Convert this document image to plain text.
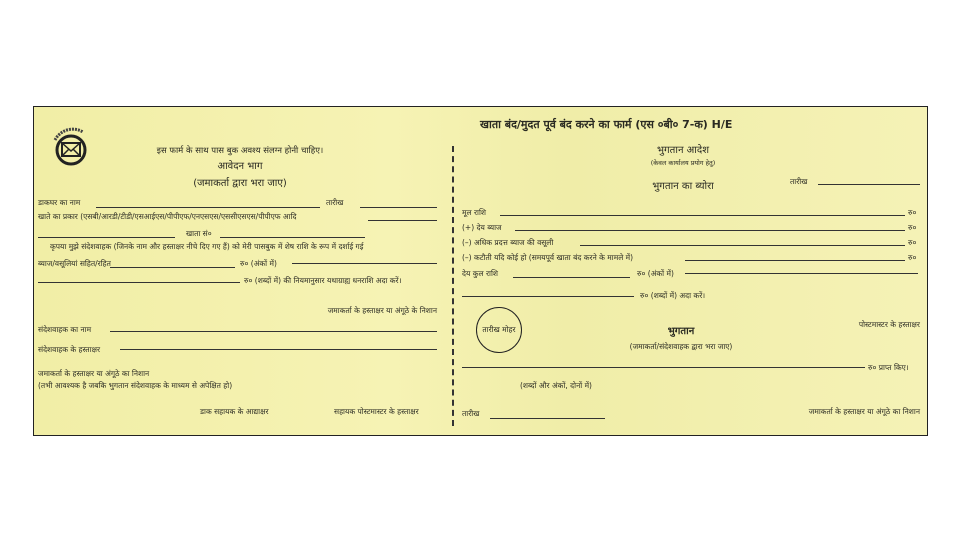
खाता बंद/मुदत पूर्व बंद करने का फार्म (एस ०बी० 7-क) H/E
इस फार्म के साथ पास बुक अवश्य संलग्न होनी चाहिए।
आवेदन भाग
(जमाकर्ता द्वारा भरा जाए)
डाकघर का नाम	तारीख
खाते का प्रकार (एसबी/आरडी/टीडी/एसआईएस/पीपीएफ/एनएसएस/एससीएसएस/पीपीएफ आदि
खाता सं०
कृपया मुझे संदेशवाहक (जिनके नाम और हस्ताक्षर नीचे दिए गए हैं) को मेरी पासबुक में शेष राशि के रूप में दर्शाई गई
ब्याज/वसूलियां सहित/रहित	रु० (अंकों में)
रु० (शब्दों में) की नियमानुसार यथाग्राह्य धनराशि अदा करें।
जमाकर्ता के हस्ताक्षर या अंगूठे के निशान
संदेशवाहक का नाम
संदेशवाहक के हस्ताक्षर
जमाकर्ता के हस्ताक्षर या अंगूठे का निशान
(तभी आवश्यक है जबकि भुगतान संदेशवाहक के माध्यम से अपेक्षित हो)
डाक सहायक के आद्याक्षर	सहायक पोस्टमास्टर के हस्ताक्षर
भुगतान आदेश
(केवल कार्यालय प्रयोग हेतु)
तारीख
भुगतान का ब्योरा
मूल राशि	रु०
(+) देय ब्याज	रु०
(–) अधिक प्रदत्त ब्याज की वसूली	रु०
(–) कटौती यदि कोई हो (समयपूर्व खाता बंद करने के मामले में)	रु०
देय कुल राशि	रु० (अंकों में)
रु० (शब्दों में) अदा करें।
तारीख मोहर
पोस्टमास्टर के हस्ताक्षर
भुगतान
(जमाकर्ता/संदेशवाहक द्वारा भरा जाए)
रु० प्राप्त किए।
(शब्दों और अंकों, दोनों में)
तारीख	जमाकर्ता के हस्ताक्षर या अंगूठे का निशान
